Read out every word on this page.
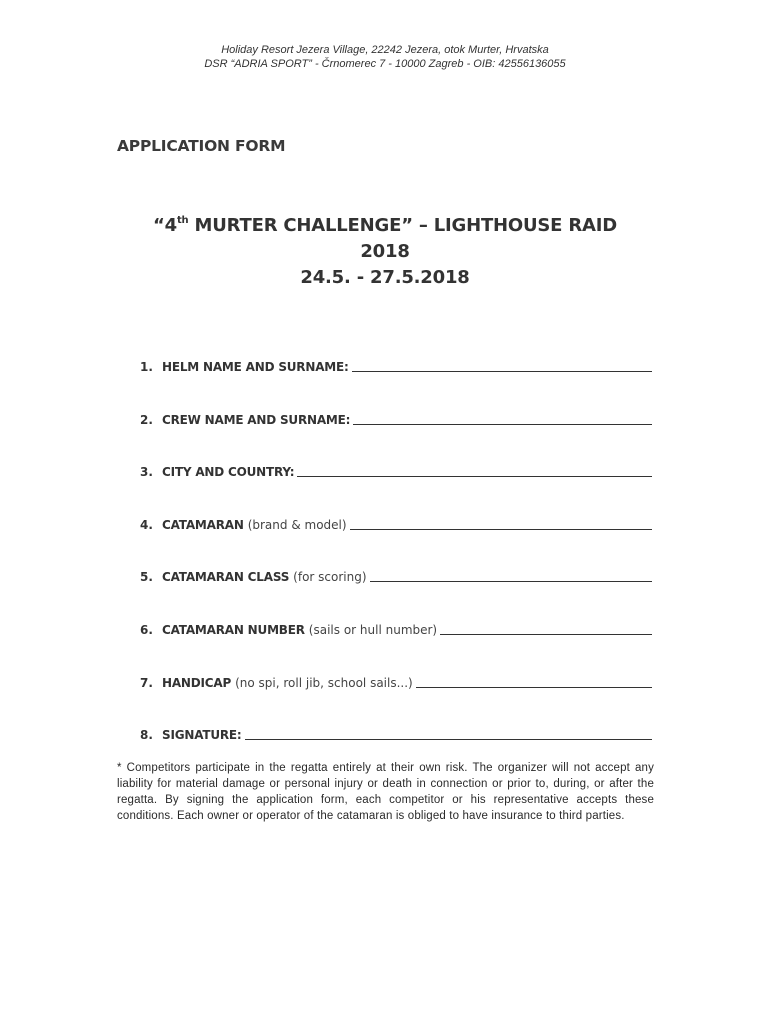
Holiday Resort Jezera Village, 22242 Jezera, otok Murter, Hrvatska
DSR “ADRIA SPORT” - Črnomerec 7 - 10000 Zagreb - OIB: 42556136055
APPLICATION FORM
“4th MURTER CHALLENGE” – LIGHTHOUSE RAID
2018
24.5. - 27.5.2018
1. HELM NAME AND SURNAME:
2. CREW NAME AND SURNAME:
3. CITY AND COUNTRY:
4. CATAMARAN (brand & model)
5. CATAMARAN CLASS (for scoring)
6. CATAMARAN NUMBER (sails or hull number)
7. HANDICAP (no spi, roll jib, school sails...)
8. SIGNATURE:
* Competitors participate in the regatta entirely at their own risk. The organizer will not accept any liability for material damage or personal injury or death in connection or prior to, during, or after the regatta. By signing the application form, each competitor or his representative accepts these conditions. Each owner or operator of the catamaran is obliged to have insurance to third parties.
